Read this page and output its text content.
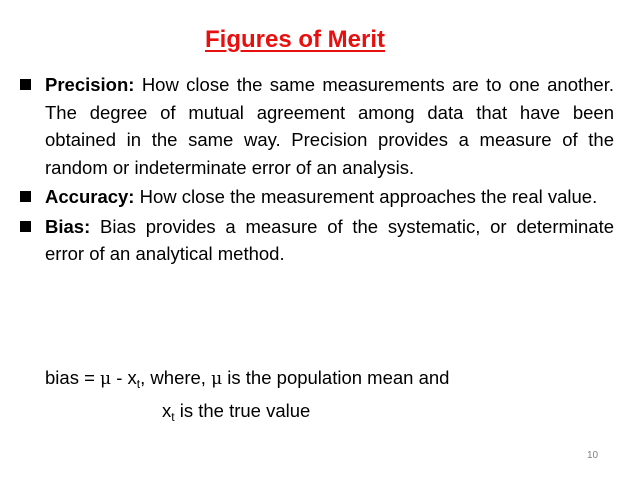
Figures of Merit
Precision: How close the same measurements are to one another. The degree of mutual agreement among data that have been obtained in the same way. Precision provides a measure of the random or indeterminate error of an analysis.
Accuracy: How close the measurement approaches the real value.
Bias: Bias provides a measure of the systematic, or determinate error of an analytical method.
bias = μ - $x_t$, where, μ is the population mean and
$x_t$ is the true value
10
